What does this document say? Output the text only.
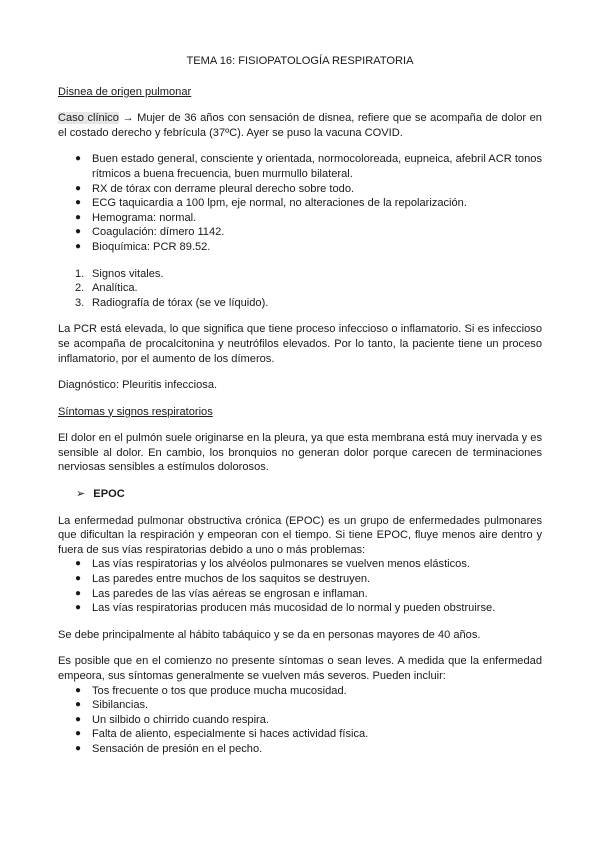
TEMA 16: FISIOPATOLOGÍA RESPIRATORIA
Disnea de origen pulmonar

Caso clínico → Mujer de 36 años con sensación de disnea, refiere que se acompaña de dolor en el costado derecho y febrícula (37ºC). Ayer se puso la vacuna COVID.

● Buen estado general, consciente y orientada, normocoloreada, eupneica, afebril ACR tonos rítmicos a buena frecuencia, buen murmullo bilateral.
● RX de tórax con derrame pleural derecho sobre todo.
● ECG taquicardia a 100 lpm, eje normal, no alteraciones de la repolarización.
● Hemograma: normal.
● Coagulación: dímero 1142.
● Bioquímica: PCR 89.52.
1. Signos vitales.
2. Analítica.
3. Radiografía de tórax (se ve líquido).

La PCR está elevada, lo que significa que tiene proceso infeccioso o inflamatorio. Si es infeccioso se acompaña de procalcitonina y neutrófilos elevados. Por lo tanto, la paciente tiene un proceso inflamatorio, por el aumento de los dímeros.

Diagnóstico: Pleuritis infecciosa.

Síntomas y signos respiratorios

El dolor en el pulmón suele originarse en la pleura, ya que esta membrana está muy inervada y es sensible al dolor. En cambio, los bronquios no generan dolor porque carecen de terminaciones nerviosas sensibles a estímulos dolorosos.

➢ EPOC

La enfermedad pulmonar obstructiva crónica (EPOC) es un grupo de enfermedades pulmonares que dificultan la respiración y empeoran con el tiempo. Si tiene EPOC, fluye menos aire dentro y fuera de sus vías respiratorias debido a uno o más problemas:

● Las vías respiratorias y los alvéolos pulmonares se vuelven menos elásticos.
● Las paredes entre muchos de los saquitos se destruyen.
● Las paredes de las vías aéreas se engrosan e inflaman.
● Las vías respiratorias producen más mucosidad de lo normal y pueden obstruirse.

Se debe principalmente al hábito tabáquico y se da en personas mayores de 40 años.

Es posible que en el comienzo no presente síntomas o sean leves. A medida que la enfermedad empeora, sus síntomas generalmente se vuelven más severos. Pueden incluir:

● Tos frecuente o tos que produce mucha mucosidad.
● Sibilancias.
● Un silbido o chirrido cuando respira.
● Falta de aliento, especialmente si haces actividad física.
● Sensación de presión en el pecho.
